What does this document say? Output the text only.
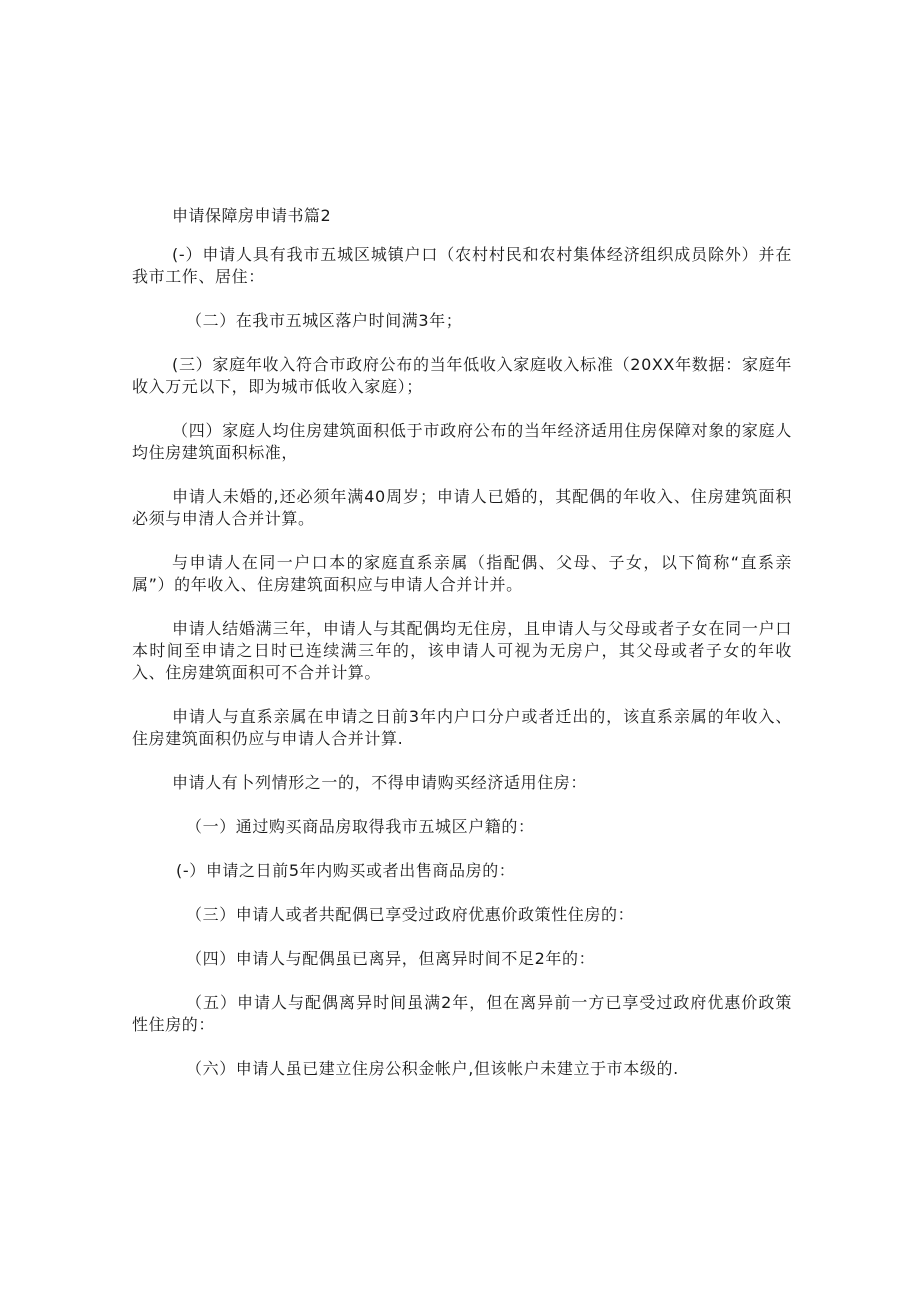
申请保障房申请书篇2

(-）申请人具有我市五城区城镇户口（农村村民和农村集体经济组织成员除外）并在我市工作、居住：

（二）在我市五城区落户时间满3年；

(三）家庭年收入符合市政府公布的当年低收入家庭收入标准（20XX年数据：家庭年收入万元以下，即为城市低收入家庭）；

（四）家庭人均住房建筑面积低于市政府公布的当年经济适用住房保障对象的家庭人均住房建筑面积标准，

申请人未婚的,还必须年满40周岁；申请人已婚的，其配偶的年收入、住房建筑面积必须与申清人合并计算。

与申请人在同一户口本的家庭直系亲属（指配偶、父母、子女，以下简称“直系亲属”）的年收入、住房建筑面积应与申请人合并计并。

申请人结婚满三年，申请人与其配偶均无住房，且申请人与父母或者子女在同一户口本时间至申请之日时已连续满三年的，该申请人可视为无房户，其父母或者子女的年收入、住房建筑面积可不合并计算。

申请人与直系亲属在申请之日前3年内户口分户或者迁出的，该直系亲属的年收入、住房建筑面积仍应与申请人合并计算.

申请人有卜列情形之一的，不得申请购买经济适用住房：

（一）通过购买商品房取得我市五城区户籍的：

(-）申请之日前5年内购买或者出售商品房的：

（三）申请人或者共配偶已享受过政府优惠价政策性住房的：

（四）申请人与配偶虽已离异，但离异时间不足2年的：

（五）申请人与配偶离异时间虽满2年，但在离异前一方已享受过政府优惠价政策性住房的：

（六）申请人虽已建立住房公积金帐户,但该帐户未建立于市本级的.
